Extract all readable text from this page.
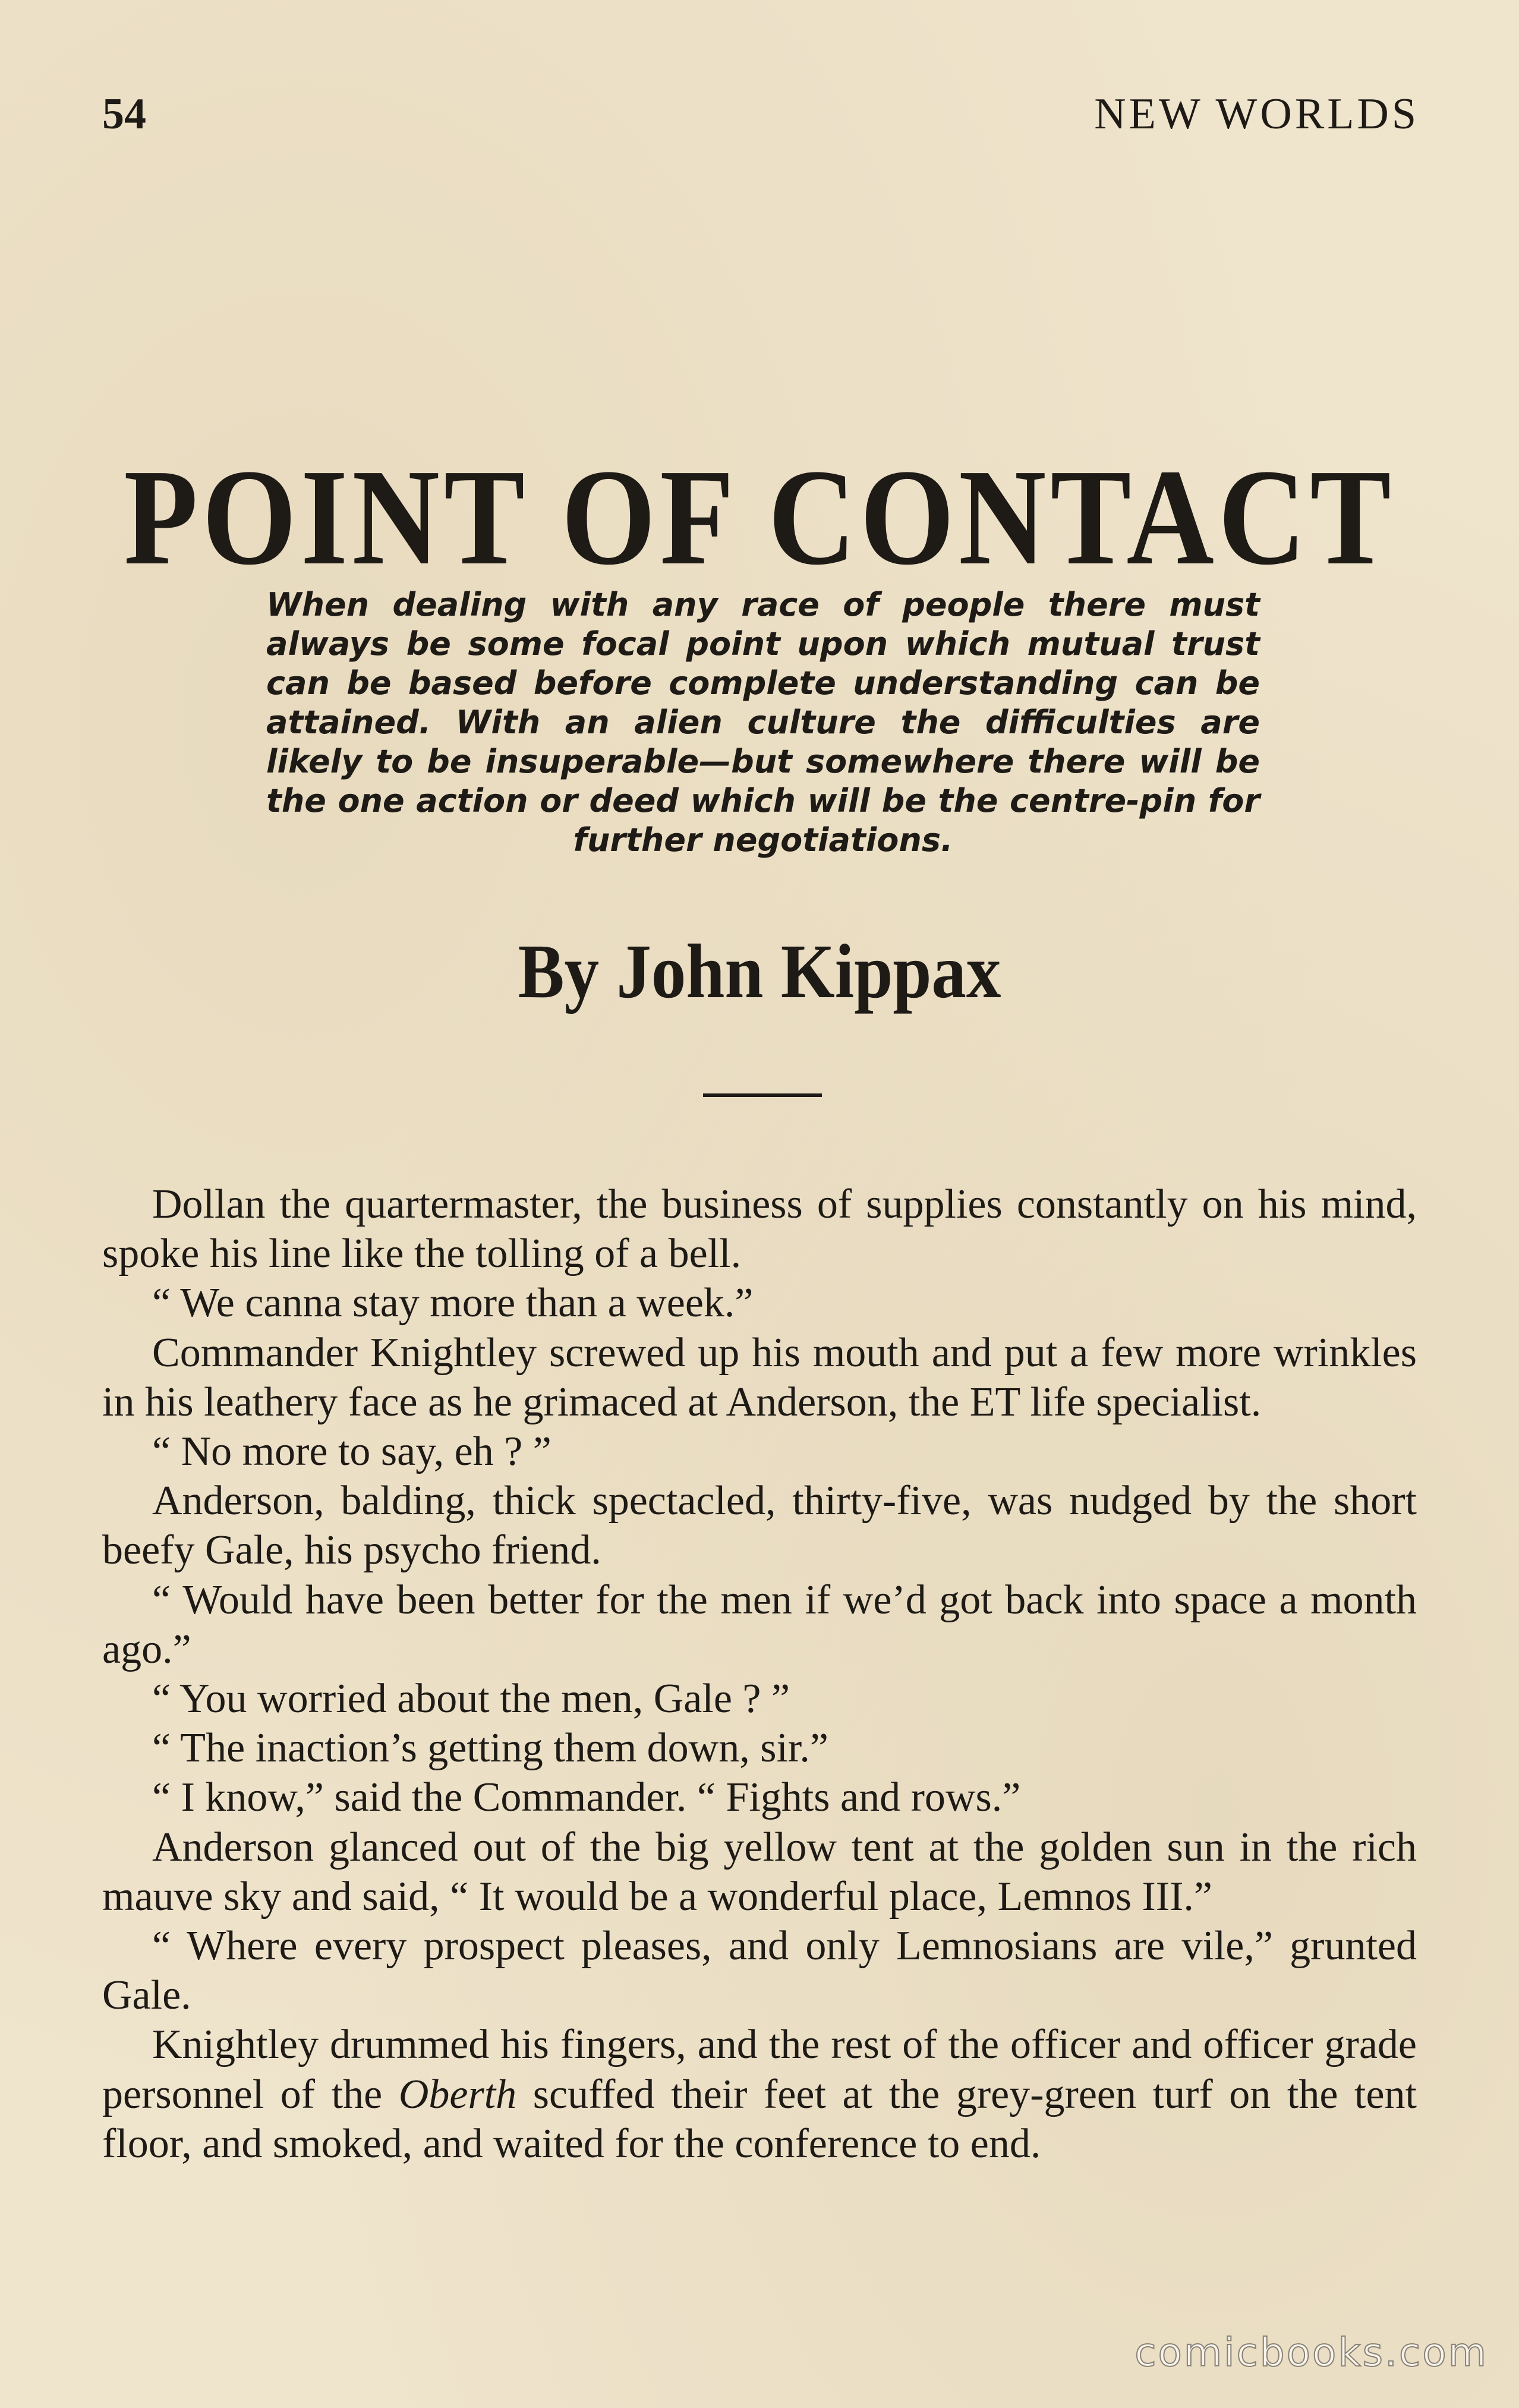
54	NEW WORLDS
POINT OF CONTACT
When dealing with any race of people there must always be some focal point upon which mutual trust can be based before complete understanding can be attained. With an alien culture the difficulties are likely to be insuperable—but somewhere there will be the one action or deed which will be the centre-pin for further negotiations.
By John Kippax

Dollan the quartermaster, the business of supplies constantly on his mind, spoke his line like the tolling of a bell.

“ We canna stay more than a week.”

Commander Knightley screwed up his mouth and put a few more wrinkles in his leathery face as he grimaced at Anderson, the ET life specialist.

“ No more to say, eh ? ”

Anderson, balding, thick spectacled, thirty-five, was nudged by the short beefy Gale, his psycho friend.

“ Would have been better for the men if we’d got back into space a month ago.”

“ You worried about the men, Gale ? ”

“ The inaction’s getting them down, sir.”

“ I know,” said the Commander. “ Fights and rows.”

Anderson glanced out of the big yellow tent at the golden sun in the rich mauve sky and said, “ It would be a wonderful place, Lemnos III.”

“ Where every prospect pleases, and only Lemnosians are vile,” grunted Gale.

Knightley drummed his fingers, and the rest of the officer and officer grade personnel of the Oberth scuffed their feet at the grey-green turf on the tent floor, and smoked, and waited for the conference to end.

comicbooks.com
